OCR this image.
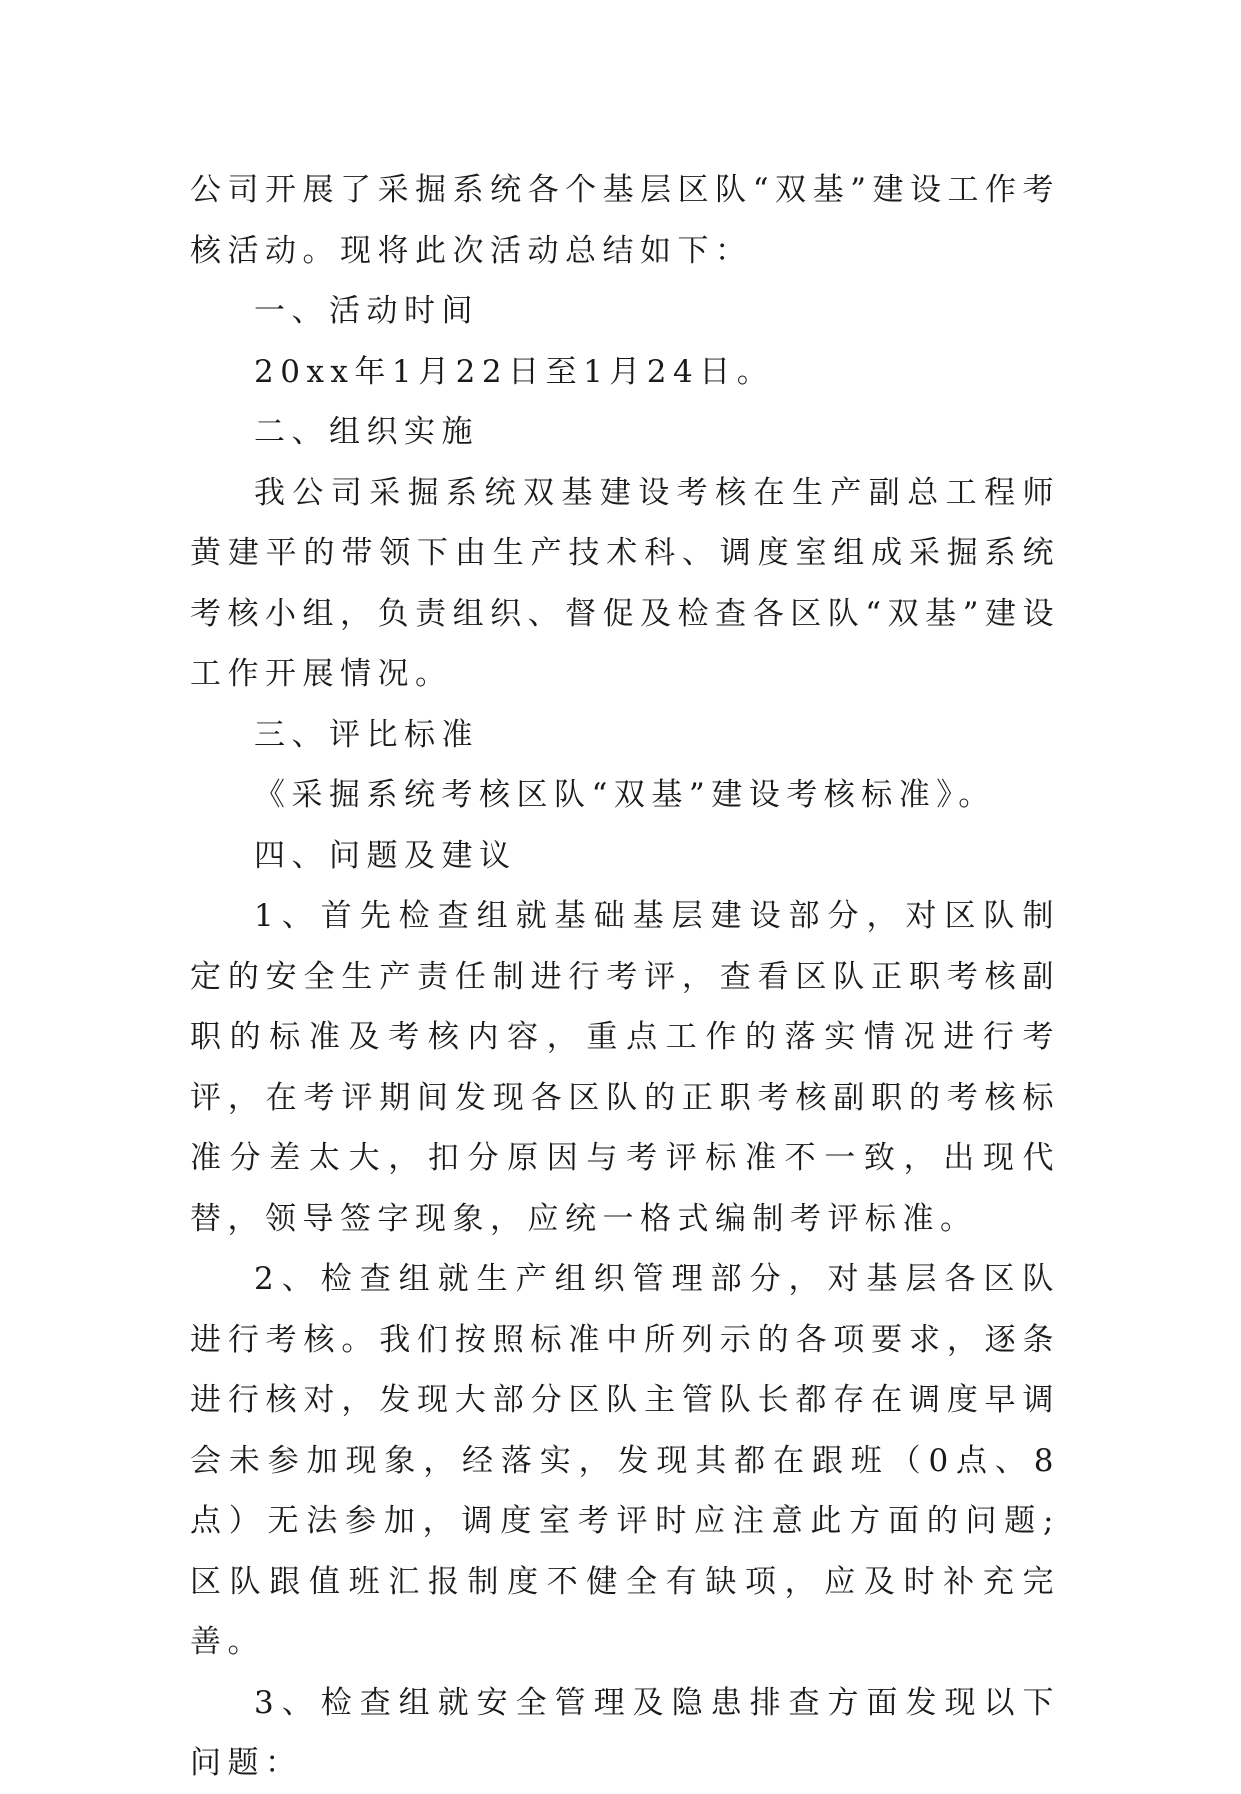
公司开展了采掘系统各个基层区队“双基”建设工作考核活动。现将此次活动总结如下：

一、活动时间

20xx年1月22日至1月24日。

二、组织实施

我公司采掘系统双基建设考核在生产副总工程师黄建平的带领下由生产技术科、调度室组成采掘系统考核小组，负责组织、督促及检查各区队“双基”建设工作开展情况。

三、评比标准

《采掘系统考核区队“双基”建设考核标准》。

四、问题及建议

1、首先检查组就基础基层建设部分，对区队制定的安全生产责任制进行考评，查看区队正职考核副职的标准及考核内容，重点工作的落实情况进行考评，在考评期间发现各区队的正职考核副职的考核标准分差太大，扣分原因与考评标准不一致，出现代替，领导签字现象，应统一格式编制考评标准。

2、检查组就生产组织管理部分，对基层各区队进行考核。我们按照标准中所列示的各项要求，逐条进行核对，发现大部分区队主管队长都存在调度早调会未参加现象，经落实，发现其都在跟班（0点、8点）无法参加，调度室考评时应注意此方面的问题;区队跟值班汇报制度不健全有缺项，应及时补充完善。

3、检查组就安全管理及隐患排查方面发现以下问题：
